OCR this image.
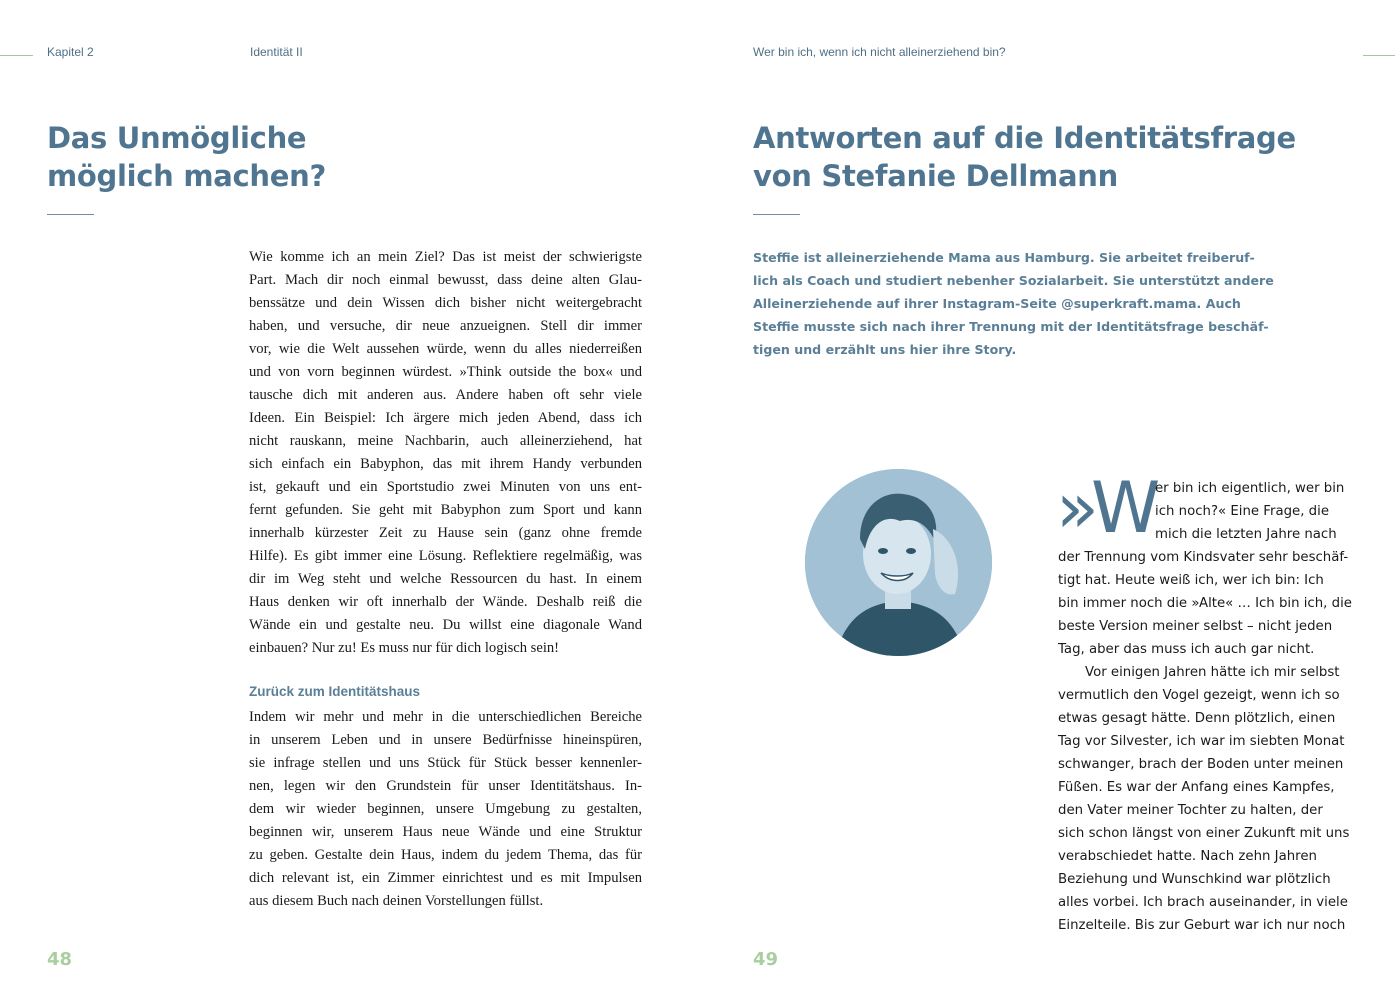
Kapitel 2	Identität II
Das Unmögliche
möglich machen?
Wie komme ich an mein Ziel? Das ist meist der schwierigste
Part. Mach dir noch einmal bewusst, dass deine alten Glau-
benssätze und dein Wissen dich bisher nicht weitergebracht
haben, und versuche, dir neue anzueignen. Stell dir immer
vor, wie die Welt aussehen würde, wenn du alles niederreißen
und von vorn beginnen würdest. »Think outside the box« und
tausche dich mit anderen aus. Andere haben oft sehr viele
Ideen. Ein Beispiel: Ich ärgere mich jeden Abend, dass ich
nicht rauskann, meine Nachbarin, auch alleinerziehend, hat
sich einfach ein Babyphon, das mit ihrem Handy verbunden
ist, gekauft und ein Sportstudio zwei Minuten von uns ent-
fernt gefunden. Sie geht mit Babyphon zum Sport und kann
innerhalb kürzester Zeit zu Hause sein (ganz ohne fremde
Hilfe). Es gibt immer eine Lösung. Reflektiere regelmäßig, was
dir im Weg steht und welche Ressourcen du hast. In einem
Haus denken wir oft innerhalb der Wände. Deshalb reiß die
Wände ein und gestalte neu. Du willst eine diagonale Wand
einbauen? Nur zu! Es muss nur für dich logisch sein!
Zurück zum Identitätshaus
Indem wir mehr und mehr in die unterschiedlichen Bereiche
in unserem Leben und in unsere Bedürfnisse hineinspüren,
sie infrage stellen und uns Stück für Stück besser kennenler-
nen, legen wir den Grundstein für unser Identitätshaus. In-
dem wir wieder beginnen, unsere Umgebung zu gestalten,
beginnen wir, unserem Haus neue Wände und eine Struktur
zu geben. Gestalte dein Haus, indem du jedem Thema, das für
dich relevant ist, ein Zimmer einrichtest und es mit Impulsen
aus diesem Buch nach deinen Vorstellungen füllst.
48
Wer bin ich, wenn ich nicht alleinerziehend bin?
Antworten auf die Identitätsfrage
von Stefanie Dellmann
Steffie ist alleinerziehende Mama aus Hamburg. Sie arbeitet freiberuf-
lich als Coach und studiert nebenher Sozialarbeit. Sie unterstützt andere
Alleinerziehende auf ihrer Instagram-Seite @superkraft.mama. Auch
Steffie musste sich nach ihrer Trennung mit der Identitätsfrage beschäf-
tigen und erzählt uns hier ihre Story.
»W
er bin ich eigentlich, wer bin
ich noch?« Eine Frage, die
mich die letzten Jahre nach
der Trennung vom Kindsvater sehr beschäf-
tigt hat. Heute weiß ich, wer ich bin: Ich
bin immer noch die »Alte« … Ich bin ich, die
beste Version meiner selbst – nicht jeden
Tag, aber das muss ich auch gar nicht.
Vor einigen Jahren hätte ich mir selbst
vermutlich den Vogel gezeigt, wenn ich so
etwas gesagt hätte. Denn plötzlich, einen
Tag vor Silvester, ich war im siebten Monat
schwanger, brach der Boden unter meinen
Füßen. Es war der Anfang eines Kampfes,
den Vater meiner Tochter zu halten, der
sich schon längst von einer Zukunft mit uns
verabschiedet hatte. Nach zehn Jahren
Beziehung und Wunschkind war plötzlich
alles vorbei. Ich brach auseinander, in viele
Einzelteile. Bis zur Geburt war ich nur noch
49
